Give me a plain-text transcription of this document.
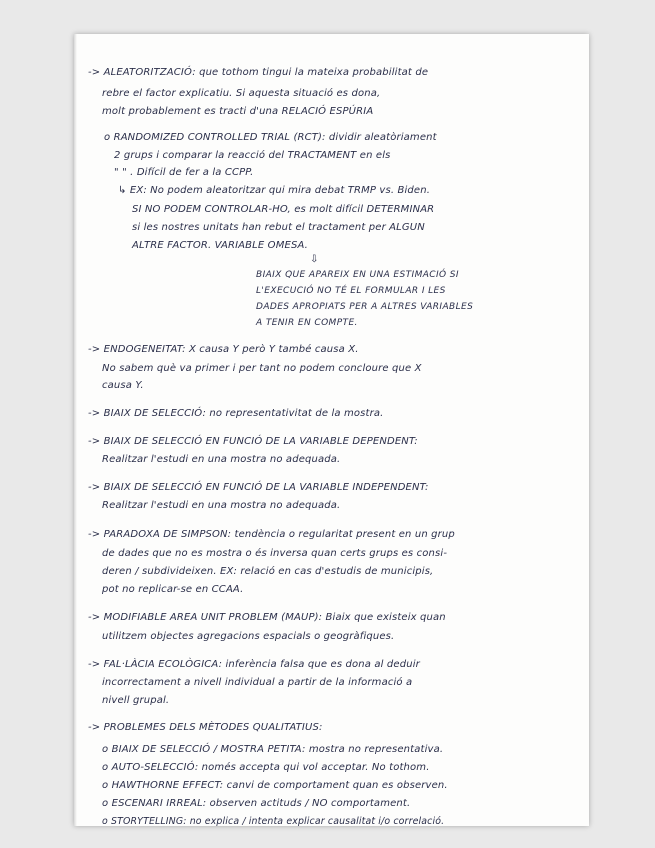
-> ALEATORITZACIÓ: que tothom tingui la mateixa probabilitat de
rebre el factor explicatiu. Si aquesta situació es dona,
molt probablement es tracti d'una RELACIÓ ESPÚRIA
o RANDOMIZED CONTROLLED TRIAL (RCT): dividir aleatòriament
2 grups i comparar la reacció del TRACTAMENT en els
" " . Difícil de fer a la CCPP.
↳ EX: No podem aleatoritzar qui mira debat TRMP vs. Biden.
SI NO PODEM CONTROLAR-HO, es molt difícil DETERMINAR
si les nostres unitats han rebut el tractament per ALGUN
ALTRE FACTOR. VARIABLE OMESA.
⇩
BIAIX QUE APAREIX EN UNA ESTIMACIÓ SI
L'EXECUCIÓ NO TÉ EL FORMULAR I LES
DADES APROPIATS PER A ALTRES VARIABLES
A TENIR EN COMPTE.
-> ENDOGENEITAT: X causa Y però Y també causa X.
No sabem què va primer i per tant no podem concloure que X
causa Y.
-> BIAIX DE SELECCIÓ: no representativitat de la mostra.
-> BIAIX DE SELECCIÓ EN FUNCIÓ DE LA VARIABLE DEPENDENT:
Realitzar l'estudi en una mostra no adequada.
-> BIAIX DE SELECCIÓ EN FUNCIÓ DE LA VARIABLE INDEPENDENT:
Realitzar l'estudi en una mostra no adequada.
-> PARADOXA DE SIMPSON: tendència o regularitat present en un grup
de dades que no es mostra o és inversa quan certs grups es consi-
deren / subdivideixen. EX: relació en cas d'estudis de municipis,
pot no replicar-se en CCAA.
-> MODIFIABLE AREA UNIT PROBLEM (MAUP): Biaix que existeix quan
utilitzem objectes agregacions espacials o geogràfiques.
-> FAL·LÀCIA ECOLÒGICA: inferència falsa que es dona al deduir
incorrectament a nivell individual a partir de la informació a
nivell grupal.
-> PROBLEMES DELS MÈTODES QUALITATIUS:
o BIAIX DE SELECCIÓ / MOSTRA PETITA: mostra no representativa.
o AUTO-SELECCIÓ: només accepta qui vol acceptar. No tothom.
o HAWTHORNE EFFECT: canvi de comportament quan es observen.
o ESCENARI IRREAL: observen actituds / NO comportament.
o STORYTELLING: no explica / intenta explicar causalitat i/o correlació.
